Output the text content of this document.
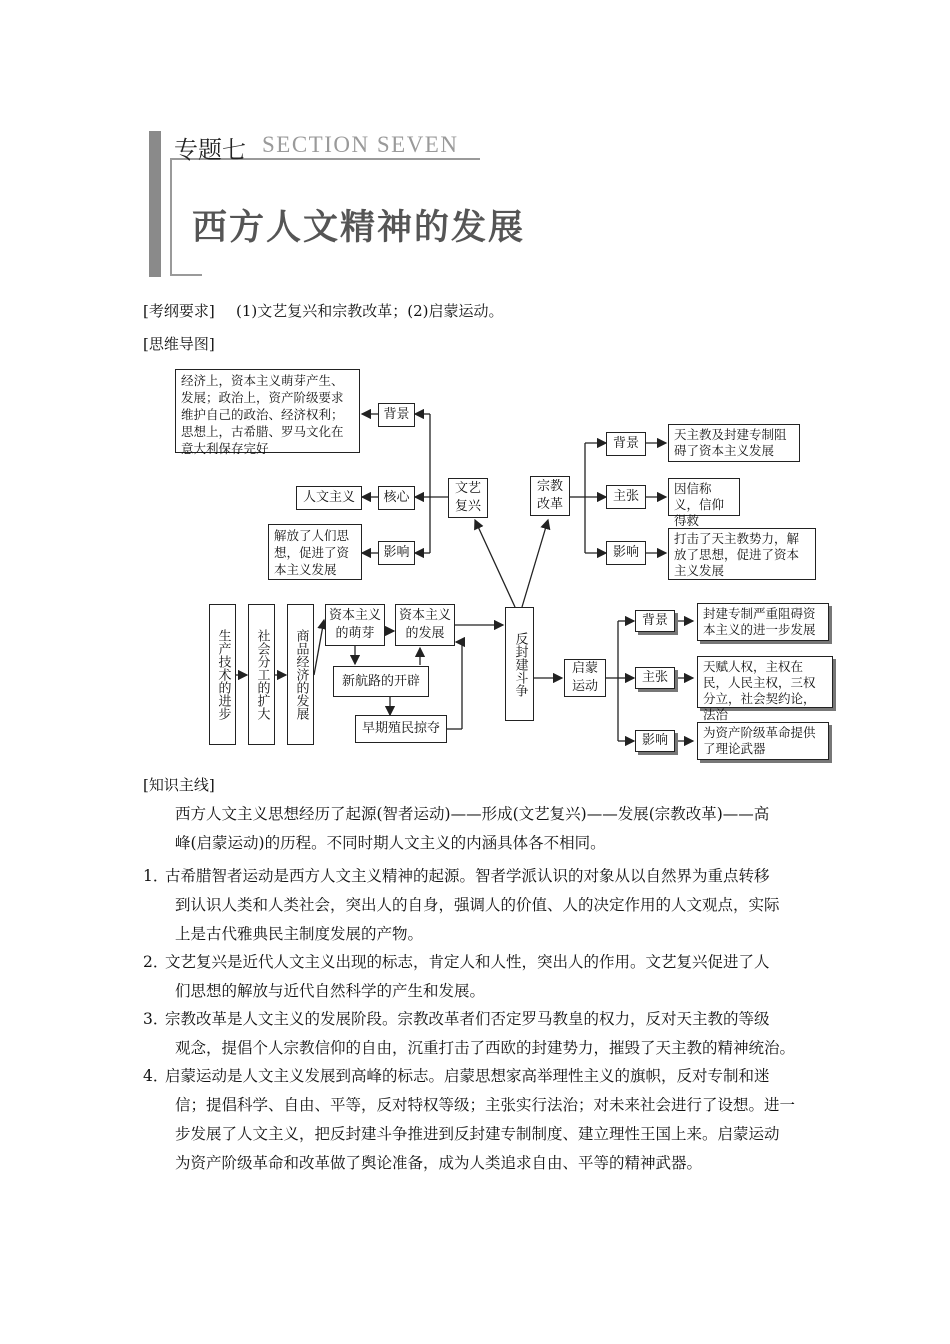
专题七 SECTION SEVEN
西方人文精神的发展
[考纲要求] (1)文艺复兴和宗教改革；(2)启蒙运动。
[思维导图]
经济上，资本主义萌芽产生、发展；政治上，资产阶级要求维护自己的政治、经济权利；思想上，古希腊、罗马文化在意大利保存完好
背景
人文主义	核心
解放了人们思想，促进了资本主义发展
影响
文艺
复兴
宗教
改革
背景
主张
影响
天主教及封建专制阻碍了资本主义发展
因信称义，信仰得救
打击了天主教势力，解放了思想，促进了资本主义发展
生产技术的进步	社会分工的扩大	商品经济的发展
资本主义的萌芽
资本主义的发展
新航路的开辟
早期殖民掠夺
反封建斗争	启蒙
运动
背景
主张
影响
封建专制严重阻碍资本主义的进一步发展
天赋人权，主权在民，人民主权，三权分立，社会契约论，法治
为资产阶级革命提供了理论武器
[知识主线]
西方人文主义思想经历了起源(智者运动)——形成(文艺复兴)——发展(宗教改革)——高
峰(启蒙运动)的历程。不同时期人文主义的内涵具体各不相同。
1．
古希腊智者运动是西方人文主义精神的起源。智者学派认识的对象从以自然界为重点转移
到认识人类和人类社会，突出人的自身，强调人的价值、人的决定作用的人文观点，实际
上是古代雅典民主制度发展的产物。
2．
文艺复兴是近代人文主义出现的标志，肯定人和人性，突出人的作用。文艺复兴促进了人
们思想的解放与近代自然科学的产生和发展。
3．
宗教改革是人文主义的发展阶段。宗教改革者们否定罗马教皇的权力，反对天主教的等级
观念，提倡个人宗教信仰的自由，沉重打击了西欧的封建势力，摧毁了天主教的精神统治。
4．
启蒙运动是人文主义发展到高峰的标志。启蒙思想家高举理性主义的旗帜，反对专制和迷
信；提倡科学、自由、平等，反对特权等级；主张实行法治；对未来社会进行了设想。进一
步发展了人文主义，把反封建斗争推进到反封建专制制度、建立理性王国上来。启蒙运动
为资产阶级革命和改革做了舆论准备，成为人类追求自由、平等的精神武器。
